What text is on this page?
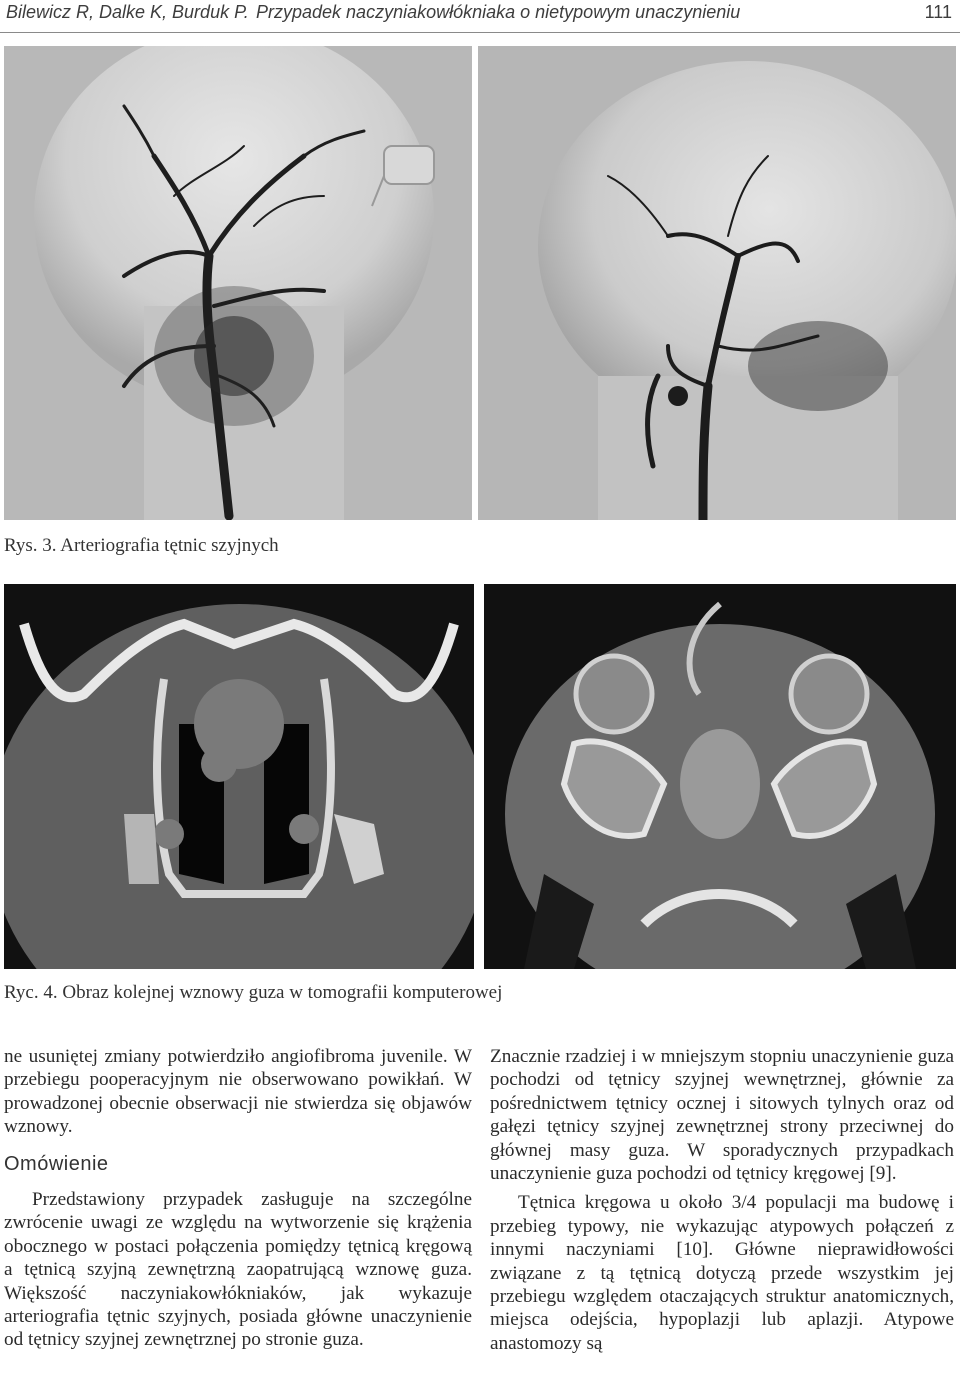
Bilewicz R, Dalke K, Burduk P. Przypadek naczyniakowłókniaka o nietypowym unaczynieniu	111
Rys. 3. Arteriografia tętnic szyjnych
Ryc. 4. Obraz kolejnej wznowy guza w tomografii komputerowej

ne usuniętej zmiany potwierdziło angiofibroma juvenile. W przebiegu pooperacyjnym nie obserwowano powikłań. W prowadzonej obecnie obserwacji nie stwierdza się objawów wznowy.

Omówienie

Przedstawiony przypadek zasługuje na szczególne zwrócenie uwagi ze względu na wytworzenie się krążenia obocznego w postaci połączenia pomiędzy tętnicą kręgową a tętnicą szyjną zewnętrzną zaopatrującą wznowę guza. Większość naczyniakowłókniaków, jak wykazuje arteriografia tętnic szyjnych, posiada główne unaczynienie od tętnicy szyjnej zewnętrznej po stronie guza.

Znacznie rzadziej i w mniejszym stopniu unaczynienie guza pochodzi od tętnicy szyjnej wewnętrznej, głównie za pośrednictwem tętnicy ocznej i sitowych tylnych oraz od gałęzi tętnicy szyjnej zewnętrznej strony przeciwnej do głównej masy guza. W sporadycznych przypadkach unaczynienie guza pochodzi od tętnicy kręgowej [9].

Tętnica kręgowa u około 3/4 populacji ma budowę i przebieg typowy, nie wykazując atypowych połączeń z innymi naczyniami [10]. Główne nieprawidłowości związane z tą tętnicą dotyczą przede wszystkim jej przebiegu względem otaczających struktur anatomicznych, miejsca odejścia, hypoplazji lub aplazji. Atypowe anastomozy są
